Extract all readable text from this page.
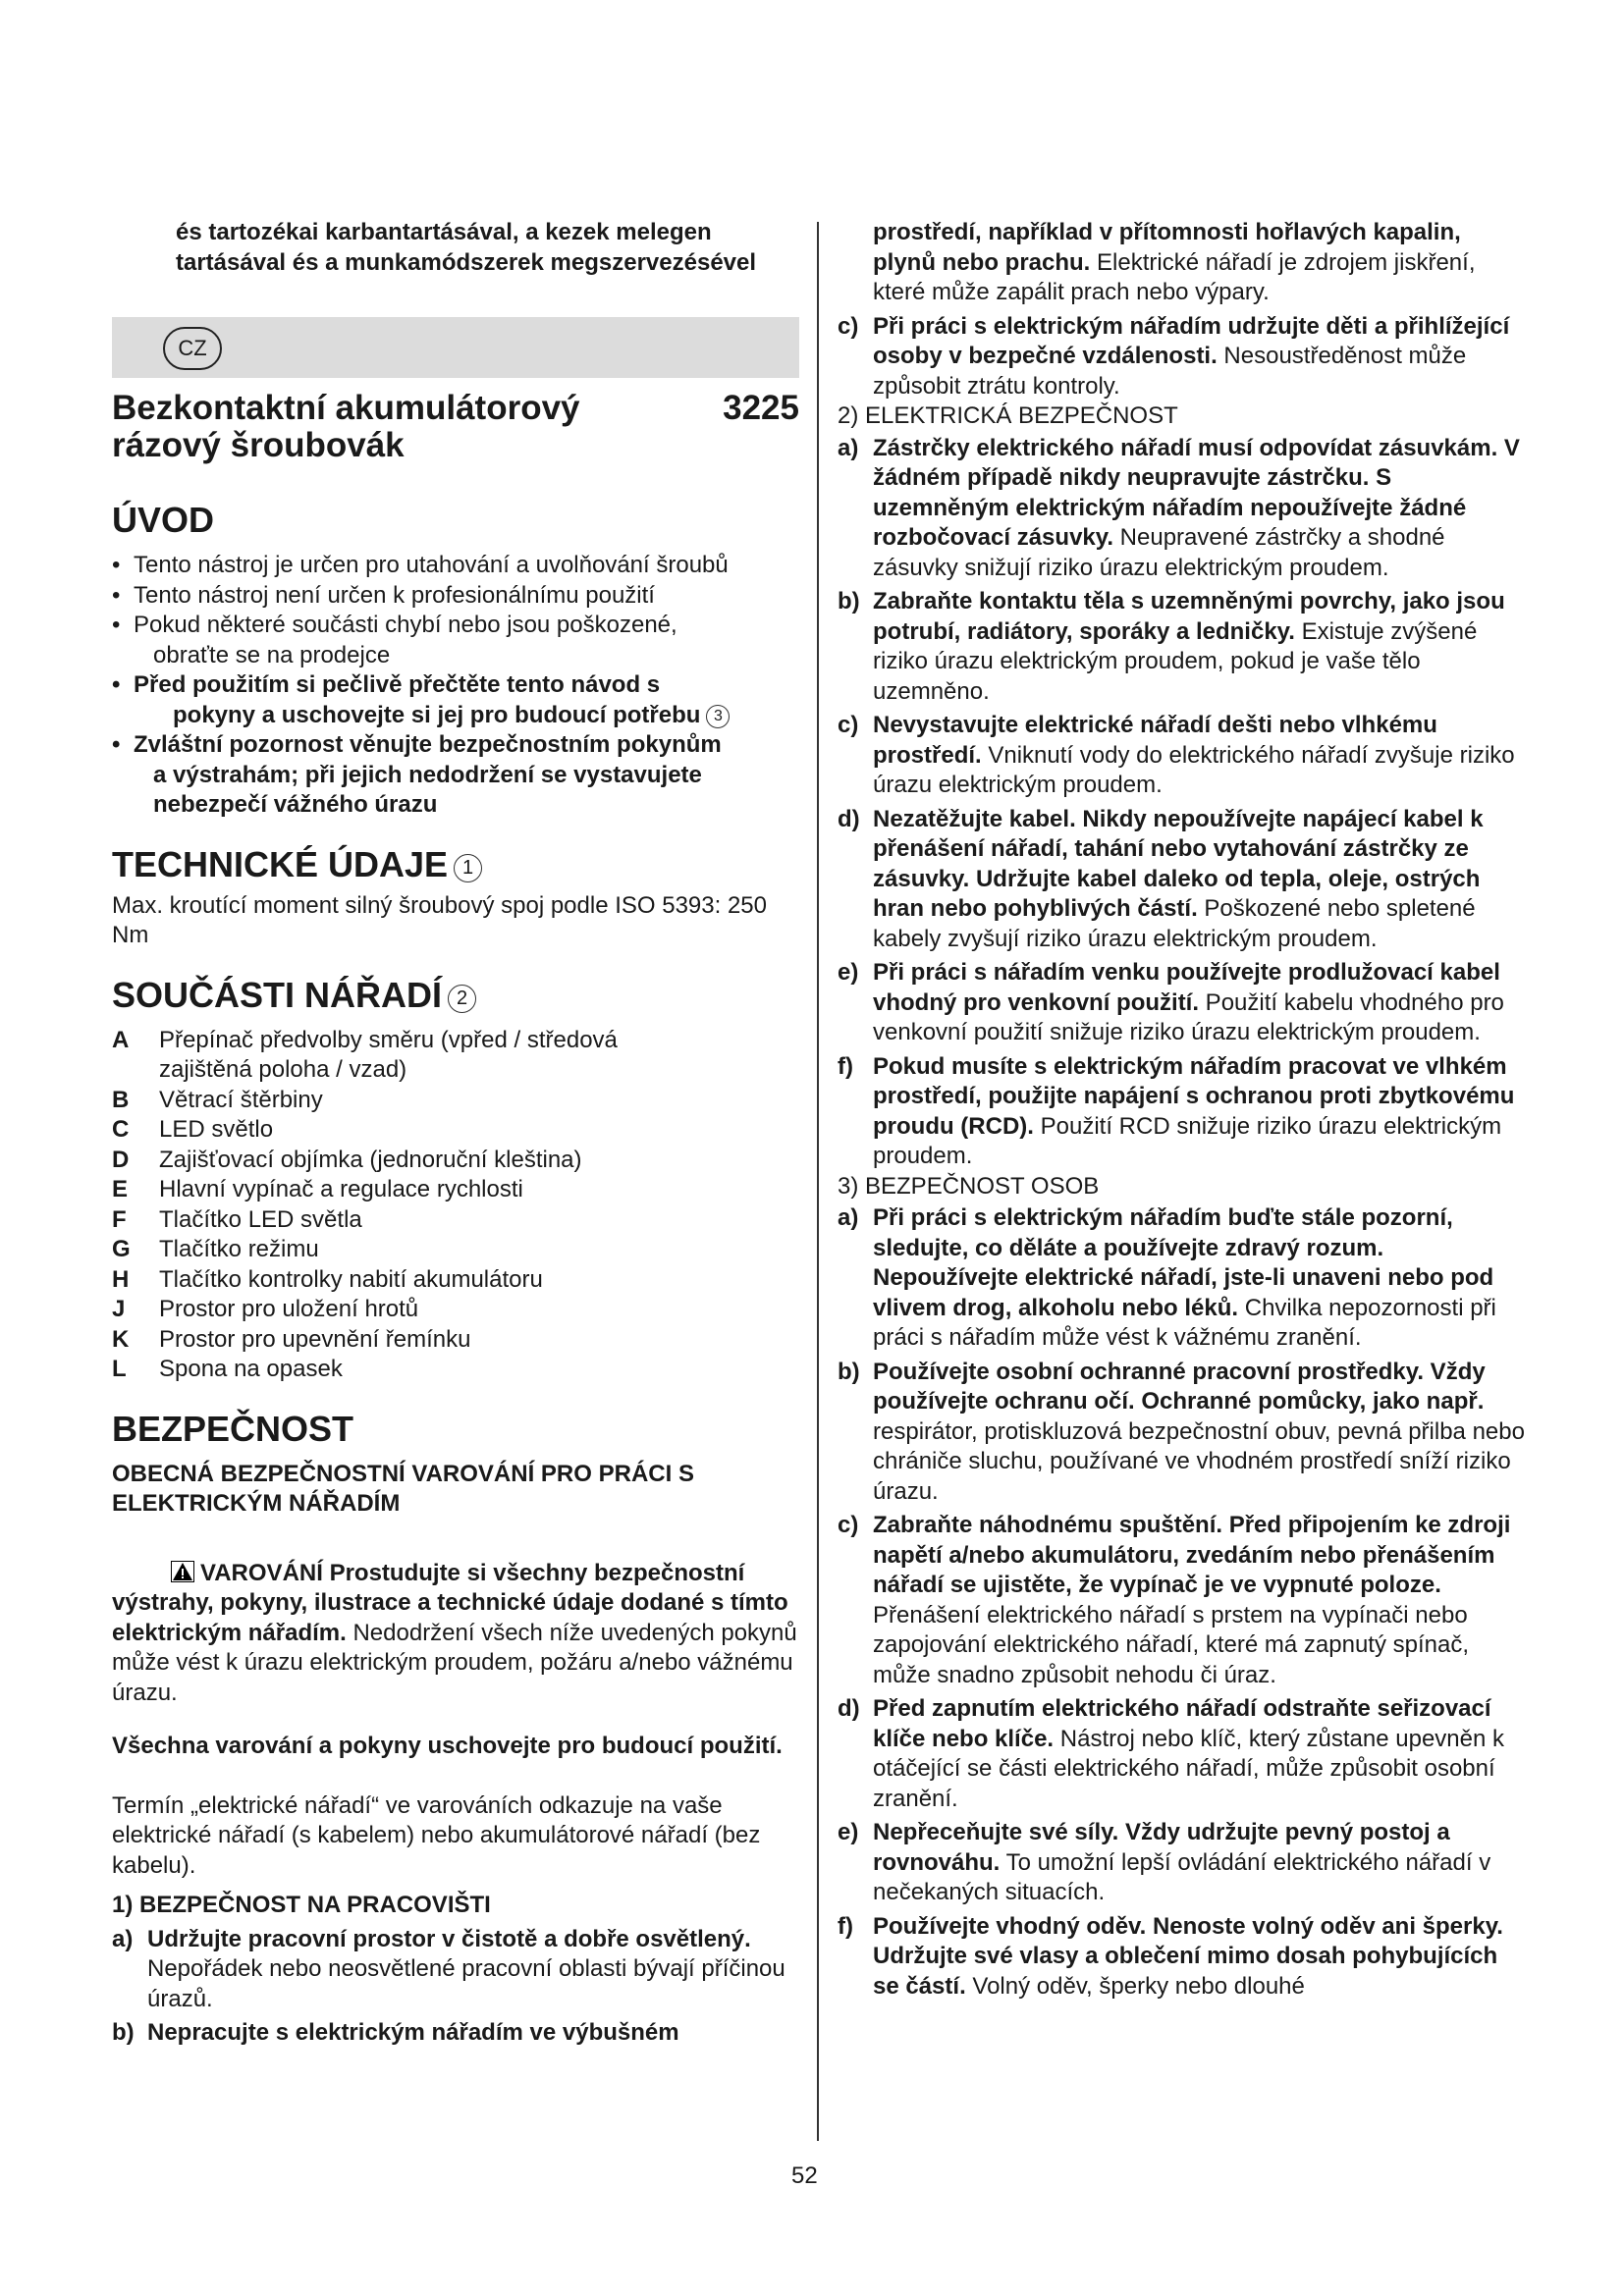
és tartozékai karbantartásával, a kezek melegen tartásával és a munkamódszerek megszervezésével
CZ
Bezkontaktní akumulátorový rázový šroubovák
3225
ÚVOD
• Tento nástroj je určen pro utahování a uvolňování šroubů
• Tento nástroj není určen k profesionálnímu použití
• Pokud některé součásti chybí nebo jsou poškozené,
obraťte se na prodejce
• Před použitím si pečlivě přečtěte tento návod s
pokyny a uschovejte si jej pro budoucí potřebu 3
• Zvláštní pozornost věnujte bezpečnostním pokynům
a výstrahám; při jejich nedodržení se vystavujete nebezpečí vážného úrazu
TECHNICKÉ ÚDAJE 1

Max. kroutící moment silný šroubový spoj podle ISO 5393: 250 Nm

SOUČÁSTI NÁŘADÍ 2
A	Přepínač předvolby směru (vpřed / středová zajištěná poloha / vzad)
B	Větrací štěrbiny
C	LED světlo
D	Zajišťovací objímka (jednoruční kleština)
E	Hlavní vypínač a regulace rychlosti
F	Tlačítko LED světla
G	Tlačítko režimu
H	Tlačítko kontrolky nabití akumulátoru
J	Prostor pro uložení hrotů
K	Prostor pro upevnění řemínku
L	Spona na opasek
BEZPEČNOST
OBECNÁ BEZPEČNOSTNÍ VAROVÁNÍ PRO PRÁCI S ELEKTRICKÝM NÁŘADÍM

VAROVÁNÍ Prostudujte si všechny bezpečnostní výstrahy, pokyny, ilustrace a technické údaje dodané s tímto elektrickým nářadím. Nedodržení všech níže uvedených pokynů může vést k úrazu elektrickým proudem, požáru a/nebo vážnému úrazu.

Všechna varování a pokyny uschovejte pro budoucí použití.

Termín „elektrické nářadí“ ve varováních odkazuje na vaše elektrické nářadí (s kabelem) nebo akumulátorové nářadí (bez kabelu).

1) BEZPEČNOST NA PRACOVIŠTI
a) Udržujte pracovní prostor v čistotě a dobře osvětlený. Nepořádek nebo neosvětlené pracovní oblasti bývají příčinou úrazů.
b) Nepracujte s elektrickým nářadím ve výbušném
prostředí, například v přítomnosti hořlavých kapalin, plynů nebo prachu. Elektrické nářadí je zdrojem jiskření, které může zapálit prach nebo výpary.
c) Při práci s elektrickým nářadím udržujte děti a přihlížející osoby v bezpečné vzdálenosti. Nesoustředěnost může způsobit ztrátu kontroly.
2) ELEKTRICKÁ BEZPEČNOST
a) Zástrčky elektrického nářadí musí odpovídat zásuvkám. V žádném případě nikdy neupravujte zástrčku. S uzemněným elektrickým nářadím nepoužívejte žádné rozbočovací zásuvky. Neupravené zástrčky a shodné zásuvky snižují riziko úrazu elektrickým proudem.
b) Zabraňte kontaktu těla s uzemněnými povrchy, jako jsou potrubí, radiátory, sporáky a ledničky. Existuje zvýšené riziko úrazu elektrickým proudem, pokud je vaše tělo uzemněno.
c) Nevystavujte elektrické nářadí dešti nebo vlhkému prostředí. Vniknutí vody do elektrického nářadí zvyšuje riziko úrazu elektrickým proudem.
d) Nezatěžujte kabel. Nikdy nepoužívejte napájecí kabel k přenášení nářadí, tahání nebo vytahování zástrčky ze zásuvky. Udržujte kabel daleko od tepla, oleje, ostrých hran nebo pohyblivých částí. Poškozené nebo spletené kabely zvyšují riziko úrazu elektrickým proudem.
e) Při práci s nářadím venku používejte prodlužovací kabel vhodný pro venkovní použití. Použití kabelu vhodného pro venkovní použití snižuje riziko úrazu elektrickým proudem.
f) Pokud musíte s elektrickým nářadím pracovat ve vlhkém prostředí, použijte napájení s ochranou proti zbytkovému proudu (RCD). Použití RCD snižuje riziko úrazu elektrickým proudem.
3) BEZPEČNOST OSOB
a) Při práci s elektrickým nářadím buďte stále pozorní, sledujte, co děláte a používejte zdravý rozum. Nepoužívejte elektrické nářadí, jste-li unaveni nebo pod vlivem drog, alkoholu nebo léků. Chvilka nepozornosti při práci s nářadím může vést k vážnému zranění.
b) Používejte osobní ochranné pracovní prostředky. Vždy používejte ochranu očí. Ochranné pomůcky, jako např. respirátor, protiskluzová bezpečnostní obuv, pevná přilba nebo chrániče sluchu, používané ve vhodném prostředí sníží riziko úrazu.
c) Zabraňte náhodnému spuštění. Před připojením ke zdroji napětí a/nebo akumulátoru, zvedáním nebo přenášením nářadí se ujistěte, že vypínač je ve vypnuté poloze. Přenášení elektrického nářadí s prstem na vypínači nebo zapojování elektrického nářadí, které má zapnutý spínač, může snadno způsobit nehodu či úraz.
d) Před zapnutím elektrického nářadí odstraňte seřizovací klíče nebo klíče. Nástroj nebo klíč, který zůstane upevněn k otáčející se části elektrického nářadí, může způsobit osobní zranění.
e) Nepřeceňujte své síly. Vždy udržujte pevný postoj a rovnováhu. To umožní lepší ovládání elektrického nářadí v nečekaných situacích.
f) Používejte vhodný oděv. Nenoste volný oděv ani šperky. Udržujte své vlasy a oblečení mimo dosah pohybujících se částí. Volný oděv, šperky nebo dlouhé
52
